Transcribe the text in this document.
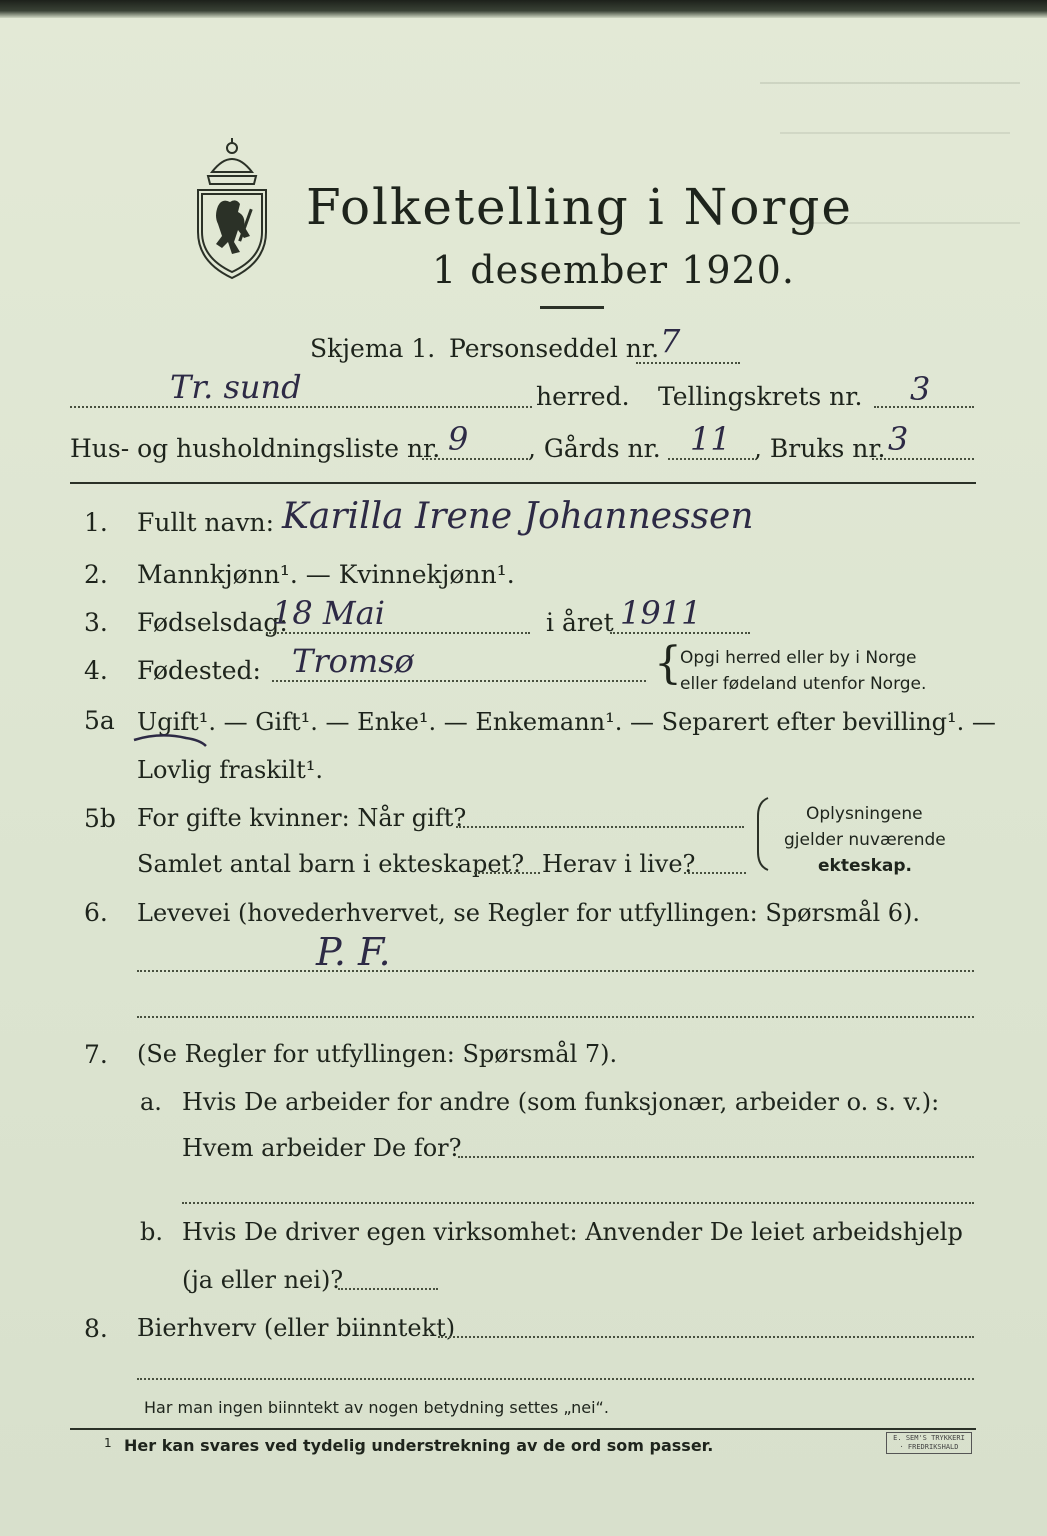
Folketelling i Norge
1 desember 1920.
Skjema 1. Personseddel nr. 7
Tr. sund	herred. Tellingskrets nr. 3
Hus- og husholdningsliste nr. 9 , Gårds nr. 11 , Bruks nr. 3
1. Fullt navn: Karilla Irene Johannessen
2. Mannkjønn¹. — Kvinnekjønn¹.
3. Fødselsdag:
18 Mai	i året 1911
4. Fødested: Tromsø	{
Opgi herred eller by i Norge
eller fødeland utenfor Norge.
5a Ugift¹. — Gift¹. — Enke¹. — Enkemann¹. — Separert efter bevilling¹. —
Lovlig fraskilt¹.
5b For gifte kvinner: Når gift?
Samlet antal barn i ekteskapet? Herav i live?
Oplysningene
gjelder nuværende
ekteskap.
6. Levevei (hovederhvervet, se Regler for utfyllingen: Spørsmål 6).
P. F.
7. (Se Regler for utfyllingen: Spørsmål 7).
a. Hvis De arbeider for andre (som funksjonær, arbeider o. s. v.):
Hvem arbeider De for?
b. Hvis De driver egen virksomhet: Anvender De leiet arbeidshjelp
(ja eller nei)?
8. Bierhverv (eller biinntekt)
Har man ingen biinntekt av nogen betydning settes „nei“.
1 Her kan svares ved tydelig understrekning av de ord som passer.	E. SEM'S TRYKKERI · FREDRIKSHALD
